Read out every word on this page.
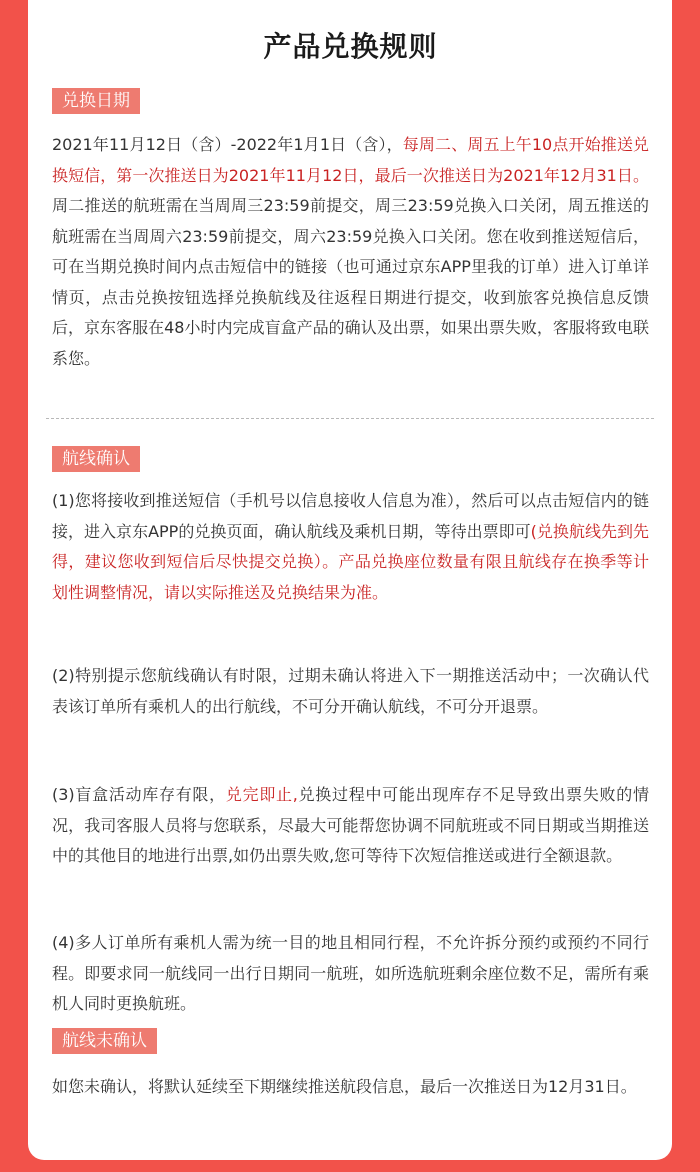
产品兑换规则
兑换日期

2021年11月12日（含）-2022年1月1日（含），每周二、周五上午10点开始推送兑换短信，第一次推送日为2021年11月12日，最后一次推送日为2021年12月31日。周二推送的航班需在当周周三23:59前提交，周三23:59兑换入口关闭，周五推送的航班需在当周周六23:59前提交，周六23:59兑换入口关闭。您在收到推送短信后，可在当期兑换时间内点击短信中的链接（也可通过京东APP里我的订单）进入订单详情页，点击兑换按钮选择兑换航线及往返程日期进行提交，收到旅客兑换信息反馈后，京东客服在48小时内完成盲盒产品的确认及出票，如果出票失败，客服将致电联系您。

航线确认

(1)您将接收到推送短信（手机号以信息接收人信息为准），然后可以点击短信内的链接，进入京东APP的兑换页面，确认航线及乘机日期，等待出票即可(兑换航线先到先得，建议您收到短信后尽快提交兑换）。产品兑换座位数量有限且航线存在换季等计划性调整情况，请以实际推送及兑换结果为准。

(2)特别提示您航线确认有时限，过期未确认将进入下一期推送活动中；一次确认代表该订单所有乘机人的出行航线，不可分开确认航线，不可分开退票。

(3)盲盒活动库存有限，兑完即止,兑换过程中可能出现库存不足导致出票失败的情况，我司客服人员将与您联系，尽最大可能帮您协调不同航班或不同日期或当期推送中的其他目的地进行出票,如仍出票失败,您可等待下次短信推送或进行全额退款。

(4)多人订单所有乘机人需为统一目的地且相同行程，不允许拆分预约或预约不同行程。即要求同一航线同一出行日期同一航班，如所选航班剩余座位数不足，需所有乘机人同时更换航班。

航线未确认

如您未确认，将默认延续至下期继续推送航段信息，最后一次推送日为12月31日。
